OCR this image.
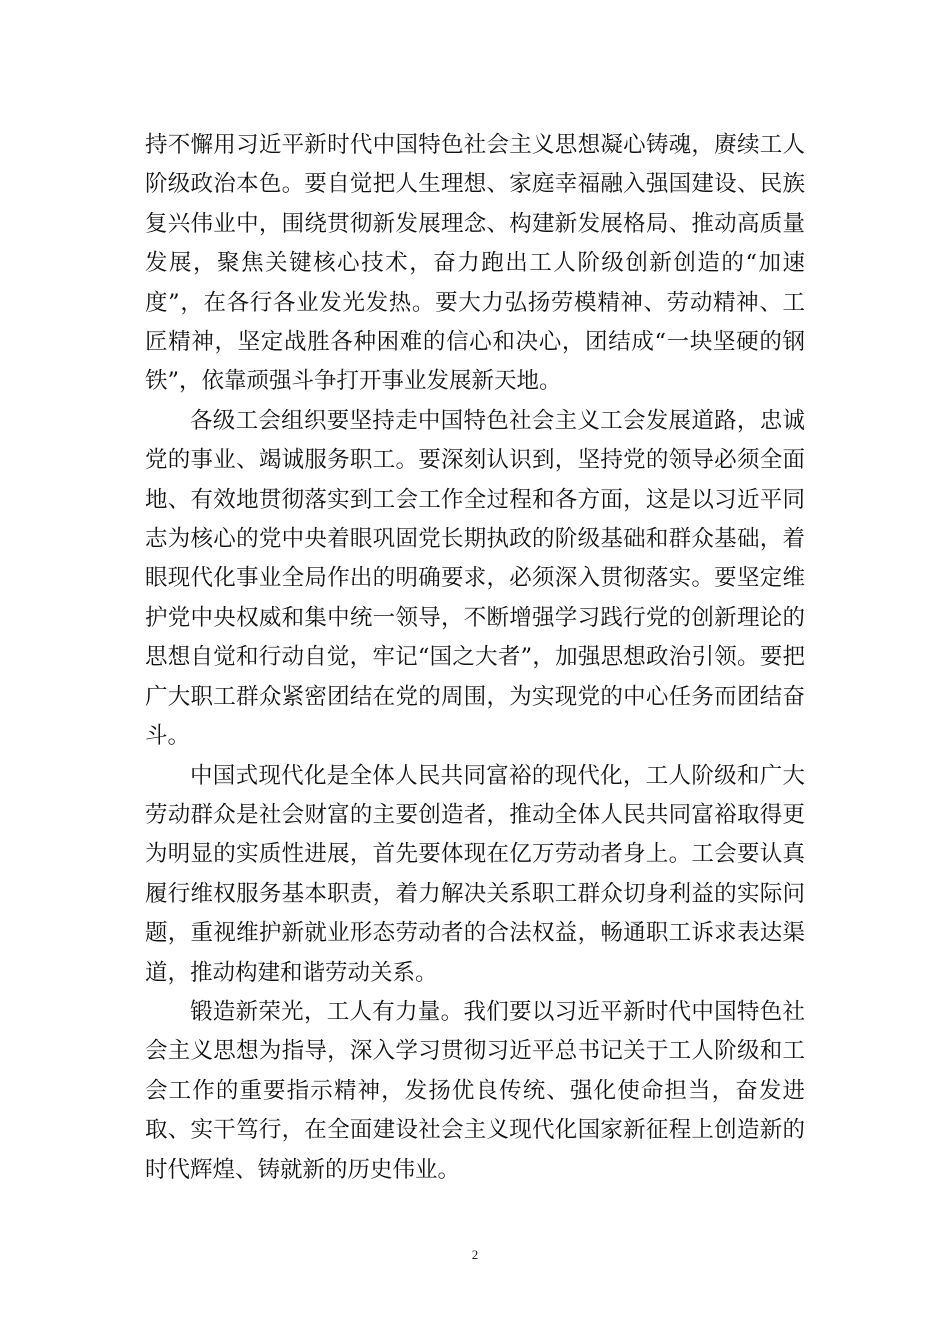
持不懈用习近平新时代中国特色社会主义思想凝心铸魂，赓续工人阶级政治本色。要自觉把人生理想、家庭幸福融入强国建设、民族复兴伟业中，围绕贯彻新发展理念、构建新发展格局、推动高质量发展，聚焦关键核心技术，奋力跑出工人阶级创新创造的“加速度”，在各行各业发光发热。要大力弘扬劳模精神、劳动精神、工匠精神，坚定战胜各种困难的信心和决心，团结成“一块坚硬的钢铁”，依靠顽强斗争打开事业发展新天地。

各级工会组织要坚持走中国特色社会主义工会发展道路，忠诚党的事业、竭诚服务职工。要深刻认识到，坚持党的领导必须全面地、有效地贯彻落实到工会工作全过程和各方面，这是以习近平同志为核心的党中央着眼巩固党长期执政的阶级基础和群众基础，着眼现代化事业全局作出的明确要求，必须深入贯彻落实。要坚定维护党中央权威和集中统一领导，不断增强学习践行党的创新理论的思想自觉和行动自觉，牢记“国之大者”，加强思想政治引领。要把广大职工群众紧密团结在党的周围，为实现党的中心任务而团结奋斗。

中国式现代化是全体人民共同富裕的现代化，工人阶级和广大劳动群众是社会财富的主要创造者，推动全体人民共同富裕取得更为明显的实质性进展，首先要体现在亿万劳动者身上。工会要认真履行维权服务基本职责，着力解决关系职工群众切身利益的实际问题，重视维护新就业形态劳动者的合法权益，畅通职工诉求表达渠道，推动构建和谐劳动关系。

锻造新荣光，工人有力量。我们要以习近平新时代中国特色社会主义思想为指导，深入学习贯彻习近平总书记关于工人阶级和工会工作的重要指示精神，发扬优良传统、强化使命担当，奋发进取、实干笃行，在全面建设社会主义现代化国家新征程上创造新的时代辉煌、铸就新的历史伟业。

2
